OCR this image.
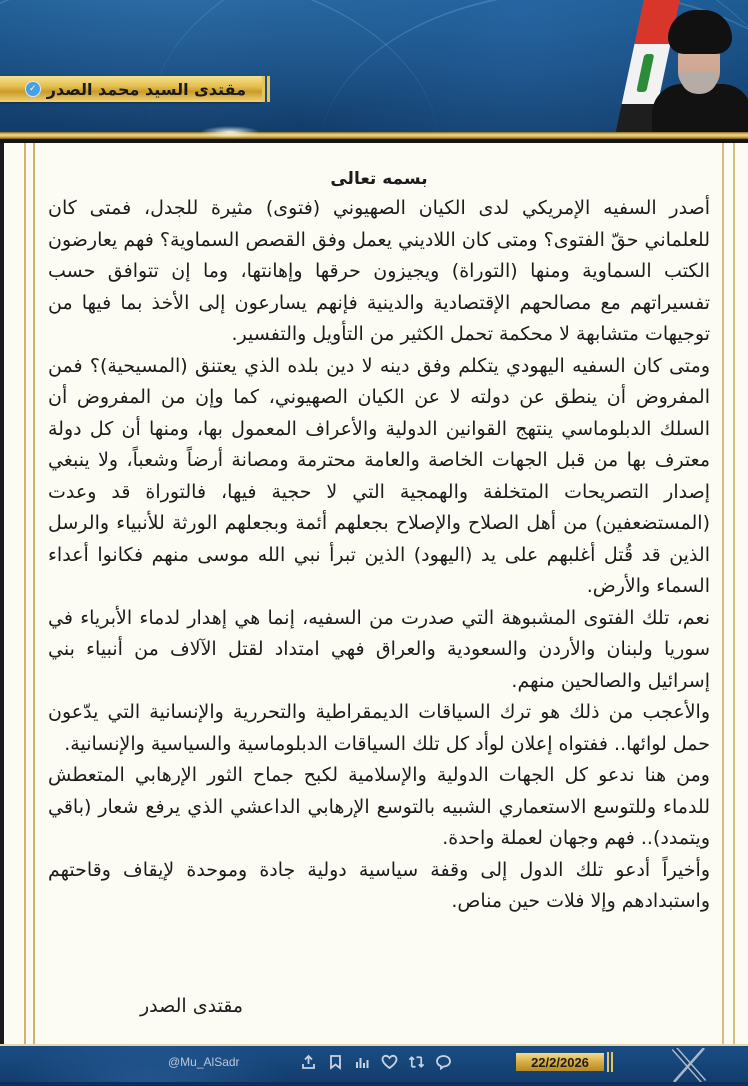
مقتدى السيد محمد الصدر
✓
بسمه تعالى

أصدر السفيه الإمريكي لدى الكيان الصهيوني (فتوى) مثيرة للجدل، فمتى كان للعلماني حقّ الفتوى؟ ومتى كان اللاديني يعمل وفق القصص السماوية؟ فهم يعارضون الكتب السماوية ومنها (التوراة) ويجيزون حرقها وإهانتها، وما إن تتوافق حسب تفسيراتهم مع مصالحهم الإقتصادية والدينية فإنهم يسارعون إلى الأخذ بما فيها من توجيهات متشابهة لا محكمة تحمل الكثير من التأويل والتفسير.

ومتى كان السفيه اليهودي يتكلم وفق دينه لا دين بلده الذي يعتنق (المسيحية)؟ فمن المفروض أن ينطق عن دولته لا عن الكيان الصهيوني، كما وإن من المفروض أن السلك الدبلوماسي ينتهج القوانين الدولية والأعراف المعمول بها، ومنها أن كل دولة معترف بها من قبل الجهات الخاصة والعامة محترمة ومصانة أرضاً وشعباً، ولا ينبغي إصدار التصريحات المتخلفة والهمجية التي لا حجية فيها، فالتوراة قد وعدت (المستضعفين) من أهل الصلاح والإصلاح بجعلهم أئمة وبجعلهم الورثة للأنبياء والرسل الذين قد قُتل أغلبهم على يد (اليهود) الذين تبرأ نبي الله موسى منهم فكانوا أعداء السماء والأرض.

نعم، تلك الفتوى المشبوهة التي صدرت من السفيه، إنما هي إهدار لدماء الأبرياء في سوريا ولبنان والأردن والسعودية والعراق فهي امتداد لقتل الآلاف من أنبياء بني إسرائيل والصالحين منهم.

والأعجب من ذلك هو ترك السياقات الديمقراطية والتحررية والإنسانية التي يدّعون حمل لوائها.. ففتواه إعلان لوأد كل تلك السياقات الدبلوماسية والسياسية والإنسانية.

ومن هنا ندعو كل الجهات الدولية والإسلامية لكبح جماح الثور الإرهابي المتعطش للدماء وللتوسع الاستعماري الشبيه بالتوسع الإرهابي الداعشي الذي يرفع شعار (باقي ويتمدد).. فهم وجهان لعملة واحدة.

وأخيراً أدعو تلك الدول إلى وقفة سياسية دولية جادة وموحدة لإيقاف وقاحتهم واستبدادهم وإلا فلات حين مناص.

مقتدى الصدر
@Mu_AlSadr	22/2/2026
